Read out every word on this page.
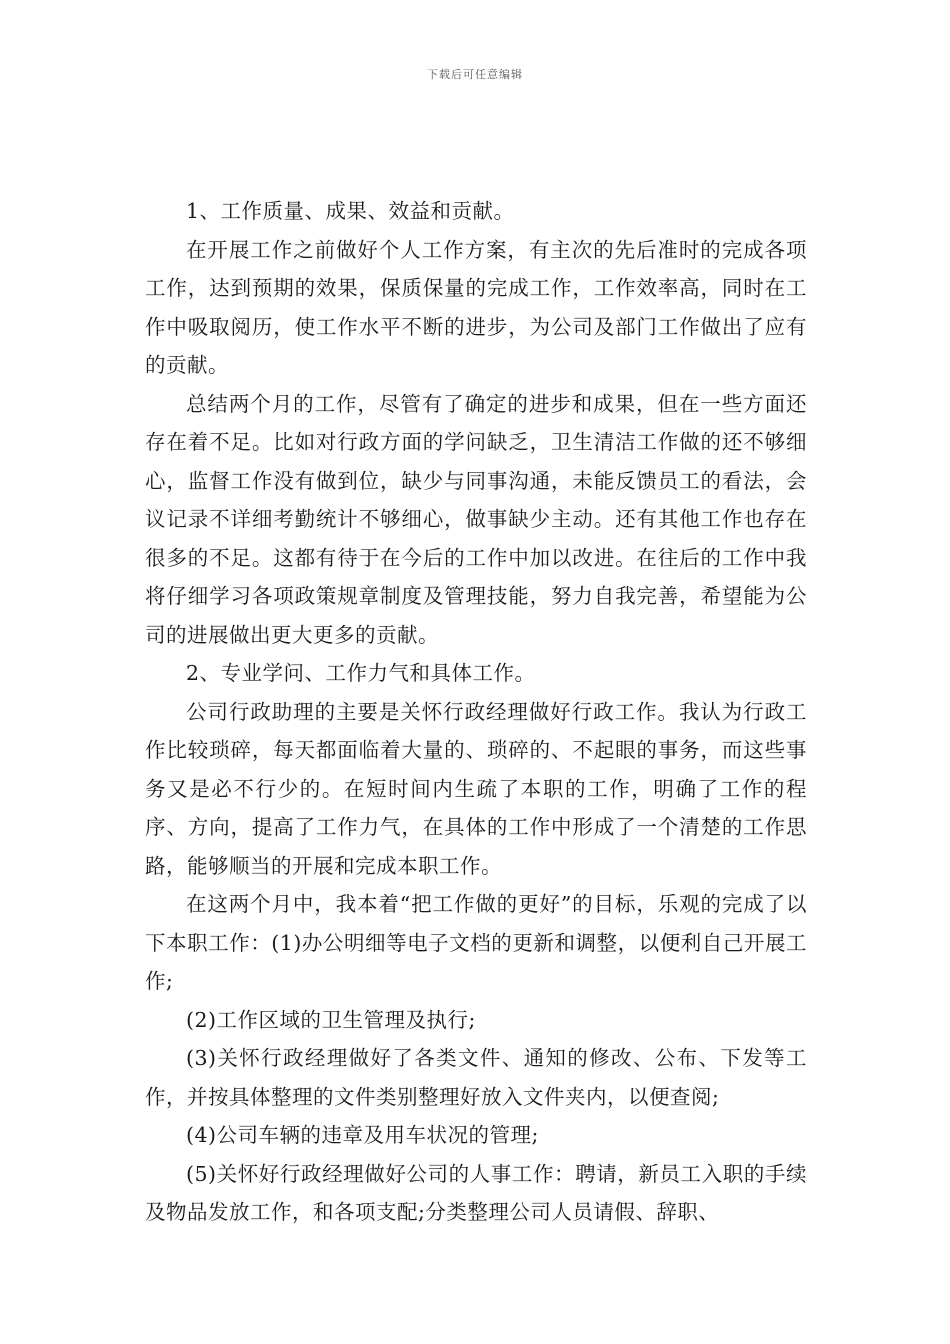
下载后可任意编辑

1、工作质量、成果、效益和贡献。

在开展工作之前做好个人工作方案，有主次的先后准时的完成各项工作，达到预期的效果，保质保量的完成工作，工作效率高，同时在工作中吸取阅历，使工作水平不断的进步，为公司及部门工作做出了应有的贡献。

总结两个月的工作，尽管有了确定的进步和成果，但在一些方面还存在着不足。比如对行政方面的学问缺乏，卫生清洁工作做的还不够细心，监督工作没有做到位，缺少与同事沟通，未能反馈员工的看法，会议记录不详细考勤统计不够细心，做事缺少主动。还有其他工作也存在很多的不足。这都有待于在今后的工作中加以改进。在往后的工作中我将仔细学习各项政策规章制度及管理技能，努力自我完善，希望能为公司的进展做出更大更多的贡献。

2、专业学问、工作力气和具体工作。

公司行政助理的主要是关怀行政经理做好行政工作。我认为行政工作比较琐碎，每天都面临着大量的、琐碎的、不起眼的事务，而这些事务又是必不行少的。在短时间内生疏了本职的工作，明确了工作的程序、方向，提高了工作力气，在具体的工作中形成了一个清楚的工作思路，能够顺当的开展和完成本职工作。

在这两个月中，我本着“把工作做的更好”的目标，乐观的完成了以下本职工作：(1)办公明细等电子文档的更新和调整，以便利自己开展工作;

(2)工作区域的卫生管理及执行;

(3)关怀行政经理做好了各类文件、通知的修改、公布、下发等工作，并按具体整理的文件类别整理好放入文件夹内，以便查阅;

(4)公司车辆的违章及用车状况的管理;

(5)关怀好行政经理做好公司的人事工作：聘请，新员工入职的手续及物品发放工作，和各项支配;分类整理公司人员请假、辞职、
